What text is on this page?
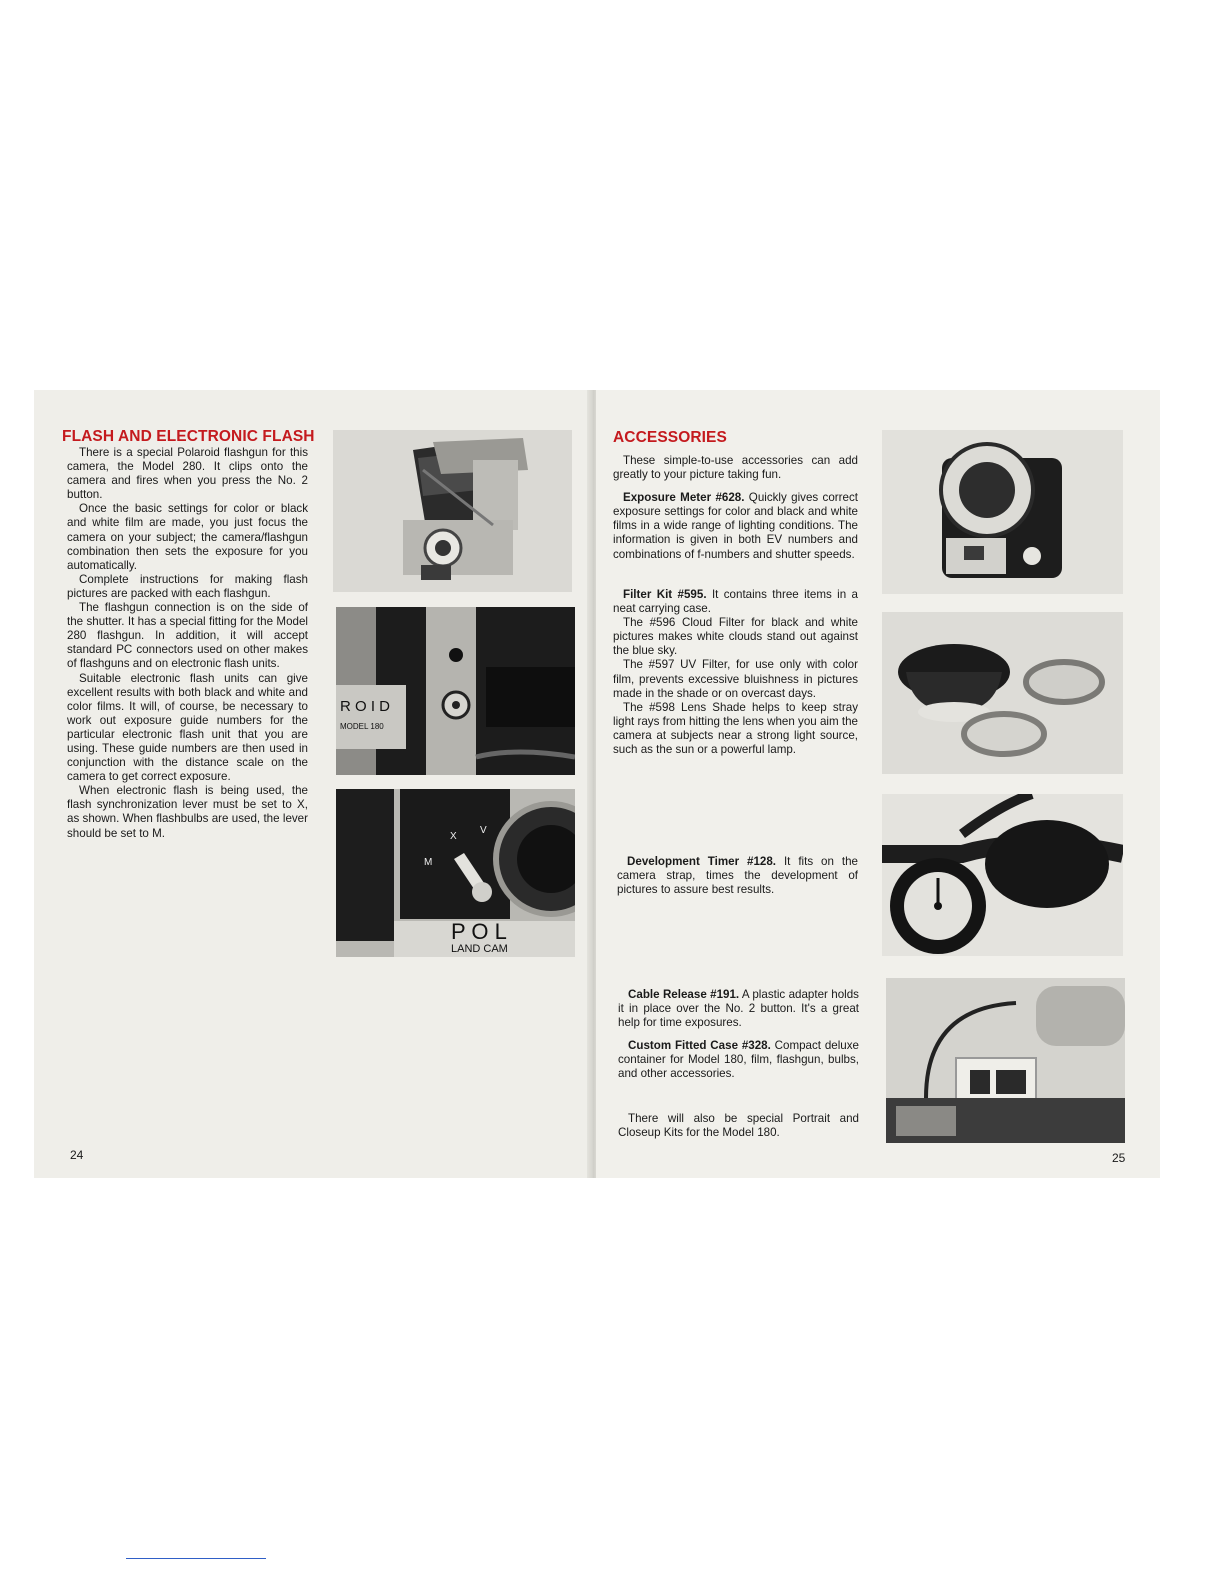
FLASH AND ELECTRONIC FLASH

There is a special Polaroid flashgun for this camera, the Model 280. It clips onto the camera and fires when you press the No. 2 button.

Once the basic settings for color or black and white film are made, you just focus the camera on your subject; the camera/flashgun combination then sets the exposure for you automatically.

Complete instructions for making flash pictures are packed with each flashgun.

The flashgun connection is on the side of the shutter. It has a special fitting for the Model 280 flashgun. In addition, it will accept standard PC connectors used on other makes of flashguns and on electronic flash units.

Suitable electronic flash units can give excellent results with both black and white and color films. It will, of course, be necessary to work out exposure guide numbers for the particular electronic flash unit that you are using. These guide numbers are then used in conjunction with the distance scale on the camera to get correct exposure.

When electronic flash is being used, the flash synchronization lever must be set to X, as shown. When flashbulbs are used, the lever should be set to M.

R O I D
MODEL 180
M
X
V
P O L
LAND CAM
24
ACCESSORIES

These simple-to-use accessories can add greatly to your picture taking fun.

Exposure Meter #628. Quickly gives correct exposure settings for color and black and white films in a wide range of lighting conditions. The information is given in both EV numbers and combinations of f-numbers and shutter speeds.

Filter Kit #595. It contains three items in a neat carrying case.

The #596 Cloud Filter for black and white pictures makes white clouds stand out against the blue sky.

The #597 UV Filter, for use only with color film, prevents excessive bluishness in pictures made in the shade or on overcast days.

The #598 Lens Shade helps to keep stray light rays from hitting the lens when you aim the camera at subjects near a strong light source, such as the sun or a powerful lamp.

Development Timer #128. It fits on the camera strap, times the development of pictures to assure best results.

Cable Release #191. A plastic adapter holds it in place over the No. 2 button. It's a great help for time exposures.

Custom Fitted Case #328. Compact deluxe container for Model 180, film, flashgun, bulbs, and other accessories.

There will also be special Portrait and Closeup Kits for the Model 180.

25
